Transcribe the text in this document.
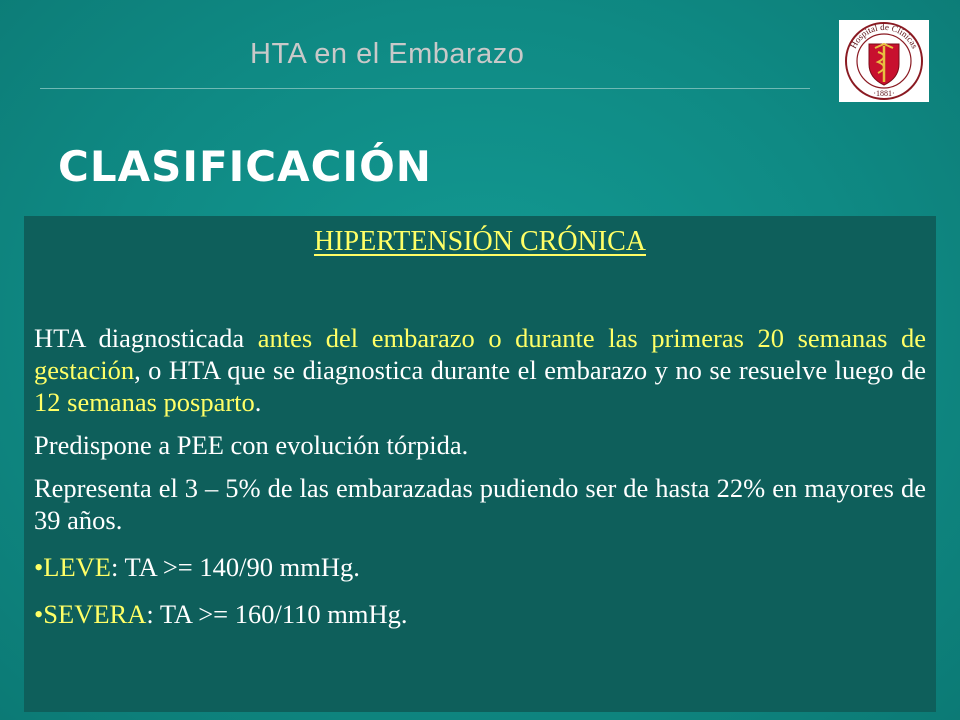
HTA en el Embarazo	Hospital de Clínicas
·1881·
CLASIFICACIÓN

HIPERTENSIÓN CRÓNICA

HTA diagnosticada antes del embarazo o durante las primeras 20 semanas de gestación, o HTA que se diagnostica durante el embarazo y no se resuelve luego de 12 semanas posparto.

Predispone a PEE con evolución tórpida.

Representa el 3 – 5% de las embarazadas pudiendo ser de hasta 22% en mayores de 39 años.

•LEVE: TA >= 140/90 mmHg.

•SEVERA: TA >= 160/110 mmHg.
